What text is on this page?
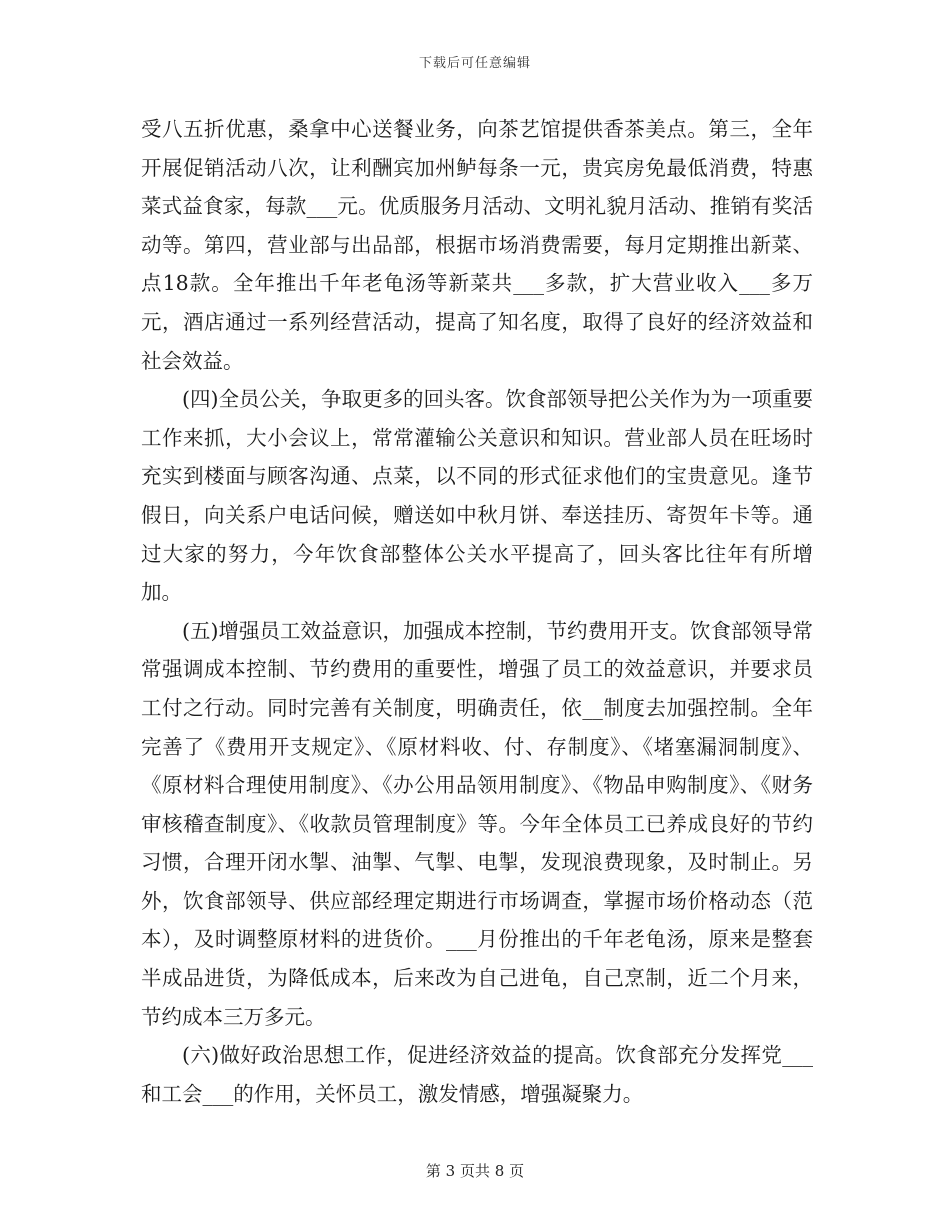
下载后可任意编辑

受八五折优惠，桑拿中心送餐业务，向茶艺馆提供香茶美点。第三，全年开展促销活动八次，让利酬宾加州鲈每条一元，贵宾房免最低消费，特惠菜式益食家，每款___元。优质服务月活动、文明礼貌月活动、推销有奖活动等。第四，营业部与出品部，根据市场消费需要，每月定期推出新菜、点18款。全年推出千年老龟汤等新菜共___多款，扩大营业收入___多万元，酒店通过一系列经营活动，提高了知名度，取得了良好的经济效益和社会效益。

(四)全员公关，争取更多的回头客。饮食部领导把公关作为为一项重要工作来抓，大小会议上，常常灌输公关意识和知识。营业部人员在旺场时充实到楼面与顾客沟通、点菜，以不同的形式征求他们的宝贵意见。逢节假日，向关系户电话问候，赠送如中秋月饼、奉送挂历、寄贺年卡等。通过大家的努力，今年饮食部整体公关水平提高了，回头客比往年有所增加。

(五)增强员工效益意识，加强成本控制，节约费用开支。饮食部领导常常强调成本控制、节约费用的重要性，增强了员工的效益意识，并要求员工付之行动。同时完善有关制度，明确责任，依__制度去加强控制。全年完善了《费用开支规定》、《原材料收、付、存制度》、《堵塞漏洞制度》、《原材料合理使用制度》、《办公用品领用制度》、《物品申购制度》、《财务审核稽查制度》、《收款员管理制度》等。今年全体员工已养成良好的节约习惯，合理开闭水掣、油掣、气掣、电掣，发现浪费现象，及时制止。另外，饮食部领导、供应部经理定期进行市场调查，掌握市场价格动态（范本），及时调整原材料的进货价。___月份推出的千年老龟汤，原来是整套半成品进货，为降低成本，后来改为自己进龟，自己烹制，近二个月来，节约成本三万多元。

(六)做好政治思想工作，促进经济效益的提高。饮食部充分发挥党___和工会___的作用，关怀员工，激发情感，增强凝聚力。

第 3 页共 8 页
